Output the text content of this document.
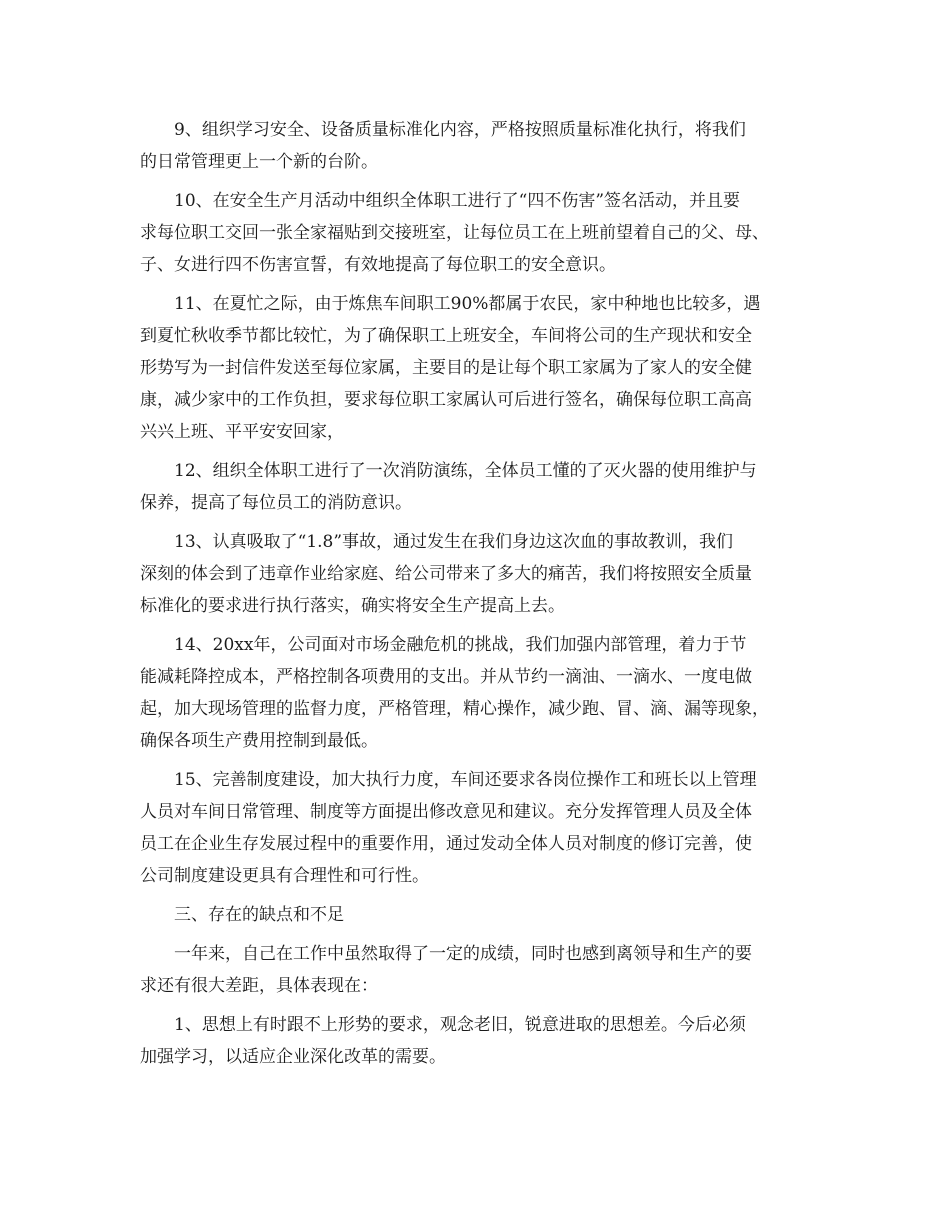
9、组织学习安全、设备质量标准化内容，严格按照质量标准化执行，将我们
的日常管理更上一个新的台阶。
10、在安全生产月活动中组织全体职工进行了“四不伤害”签名活动，并且要
求每位职工交回一张全家福贴到交接班室，让每位员工在上班前望着自己的父、母、
子、女进行四不伤害宣誓，有效地提高了每位职工的安全意识。
11、在夏忙之际，由于炼焦车间职工90%都属于农民，家中种地也比较多，遇
到夏忙秋收季节都比较忙，为了确保职工上班安全，车间将公司的生产现状和安全
形势写为一封信件发送至每位家属，主要目的是让每个职工家属为了家人的安全健
康，减少家中的工作负担，要求每位职工家属认可后进行签名，确保每位职工高高
兴兴上班、平平安安回家，
12、组织全体职工进行了一次消防演练，全体员工懂的了灭火器的使用维护与
保养，提高了每位员工的消防意识。
13、认真吸取了“1.8”事故，通过发生在我们身边这次血的事故教训，我们
深刻的体会到了违章作业给家庭、给公司带来了多大的痛苦，我们将按照安全质量
标准化的要求进行执行落实，确实将安全生产提高上去。
14、20xx年，公司面对市场金融危机的挑战，我们加强内部管理，着力于节
能减耗降控成本，严格控制各项费用的支出。并从节约一滴油、一滴水、一度电做
起，加大现场管理的监督力度，严格管理，精心操作，减少跑、冒、滴、漏等现象，
确保各项生产费用控制到最低。
15、完善制度建设，加大执行力度，车间还要求各岗位操作工和班长以上管理
人员对车间日常管理、制度等方面提出修改意见和建议。充分发挥管理人员及全体
员工在企业生存发展过程中的重要作用，通过发动全体人员对制度的修订完善，使
公司制度建设更具有合理性和可行性。
三、存在的缺点和不足
一年来，自己在工作中虽然取得了一定的成绩，同时也感到离领导和生产的要
求还有很大差距，具体表现在：
1、思想上有时跟不上形势的要求，观念老旧，锐意进取的思想差。今后必须
加强学习，以适应企业深化改革的需要。
